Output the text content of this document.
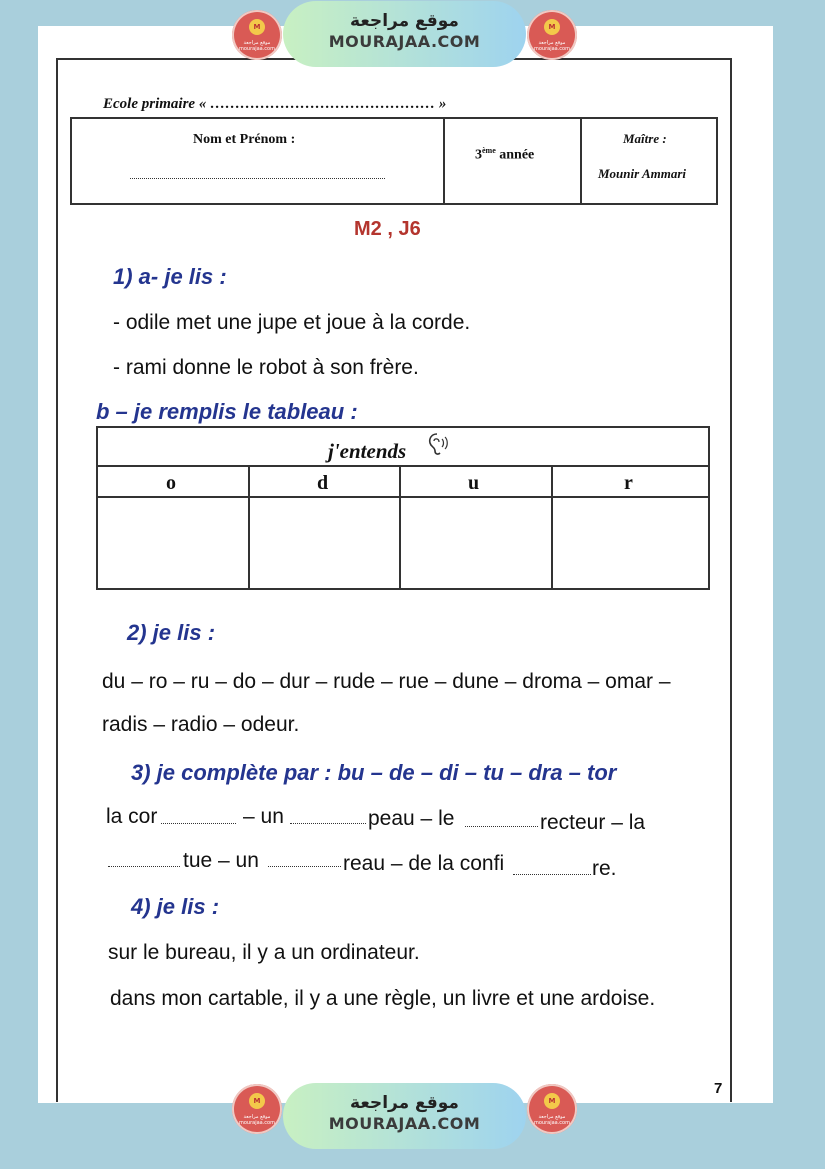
M
موقع مراجعة
mourajaa.com
موقع مراجعة
MOURAJAA.COM
M
موقع مراجعة
mourajaa.com
Ecole primaire « ……………………………………… »
Nom et Prénom :
3ème année
Maître :
Mounir Ammari
M2 , J6
1) a- je lis :
- odile met une jupe et joue à la corde.
- rami donne le robot à son frère.
b – je remplis le tableau :
j'entends
o	d	u	r
2) je lis :
du – ro – ru – do – dur – rude – rue – dune – droma – omar –
radis – radio – odeur.
3) je complète par : bu – de – di – tu – dra – tor
la cor	– un	peau – le	recteur – la
tue – un	reau – de la confi	re.
4) je lis :
sur le bureau, il y a un ordinateur.
dans mon cartable, il y a une règle, un livre et une ardoise.
7
M
موقع مراجعة
mourajaa.com
موقع مراجعة
MOURAJAA.COM
M
موقع مراجعة
mourajaa.com
